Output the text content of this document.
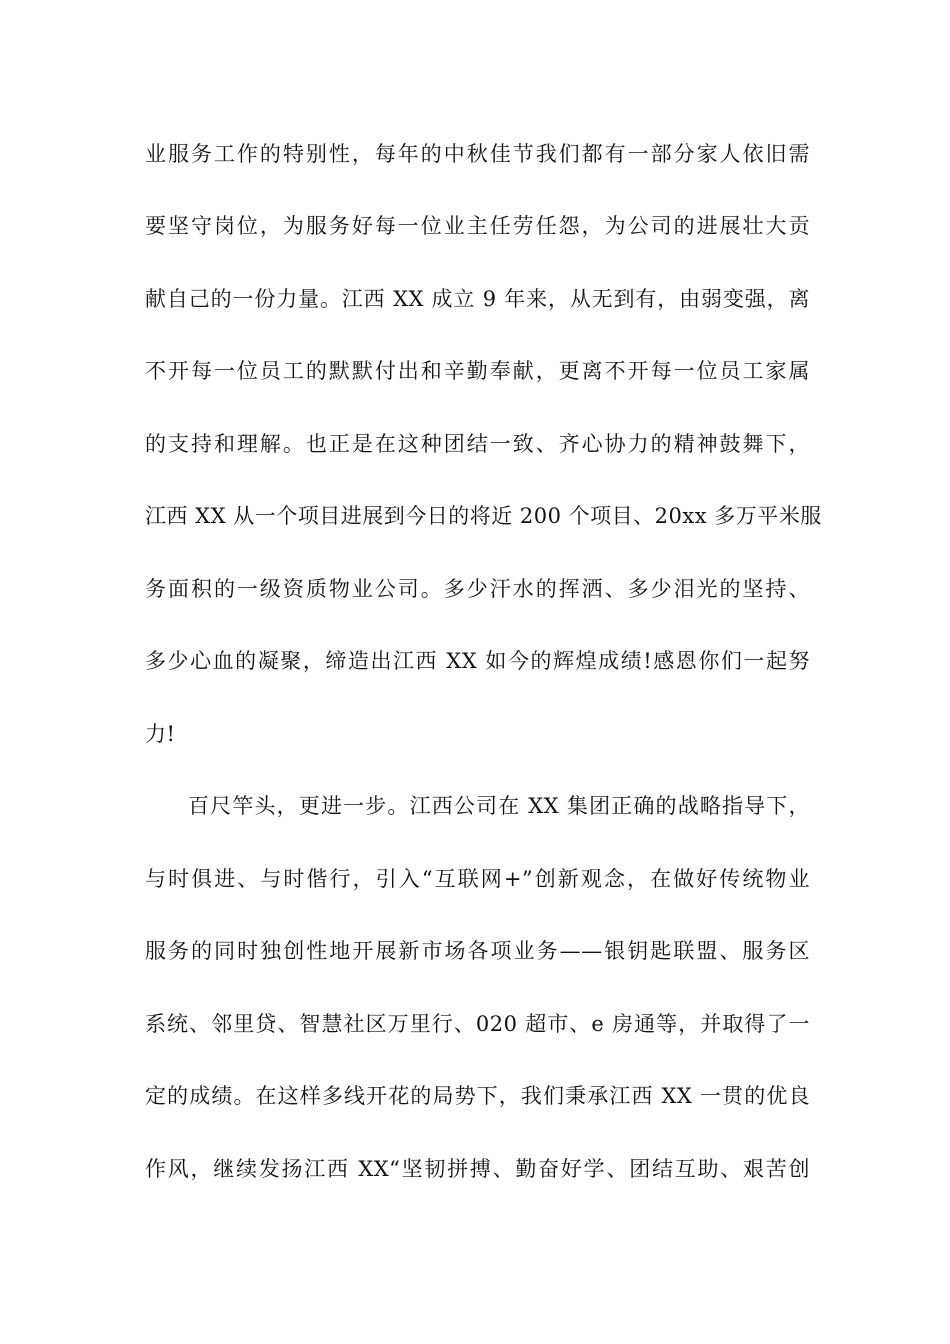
业服务工作的特别性，每年的中秋佳节我们都有一部分家人依旧需
要坚守岗位，为服务好每一位业主任劳任怨，为公司的进展壮大贡
献自己的一份力量。江西 XX 成立 9 年来，从无到有，由弱变强，离
不开每一位员工的默默付出和辛勤奉献，更离不开每一位员工家属
的支持和理解。也正是在这种团结一致、齐心协力的精神鼓舞下，
江西 XX 从一个项目进展到今日的将近 200 个项目、20xx 多万平米服
务面积的一级资质物业公司。多少汗水的挥洒、多少泪光的坚持、
多少心血的凝聚，缔造出江西 XX 如今的辉煌成绩!感恩你们一起努
力!
百尺竿头，更进一步。江西公司在 XX 集团正确的战略指导下，
与时俱进、与时偕行，引入“互联网+”创新观念，在做好传统物业
服务的同时独创性地开展新市场各项业务——银钥匙联盟、服务区
系统、邻里贷、智慧社区万里行、020 超市、e 房通等，并取得了一
定的成绩。在这样多线开花的局势下，我们秉承江西 XX 一贯的优良
作风，继续发扬江西 XX“坚韧拼搏、勤奋好学、团结互助、艰苦创
